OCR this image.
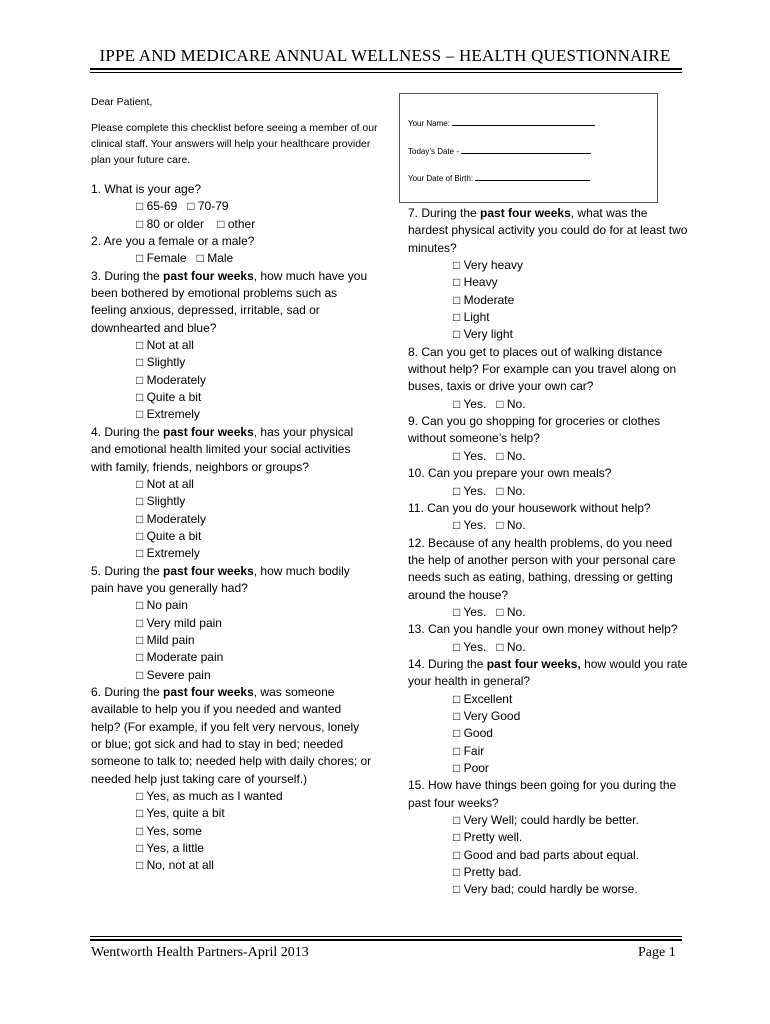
IPPE AND MEDICARE ANNUAL WELLNESS – HEALTH QUESTIONNAIRE
Dear Patient,
Please complete this checklist before seeing a member of our clinical staff. Your answers will help your healthcare provider plan your future care.
Your Name:
Today’s Date -
Your Date of Birth:
1. What is your age?
□ 65-69 □ 70-79
□ 80 or older □ other
2. Are you a female or a male?
□ Female □ Male
3. During the past four weeks, how much have you been bothered by emotional problems such as feeling anxious, depressed, irritable, sad or downhearted and blue?
□ Not at all
□ Slightly
□ Moderately
□ Quite a bit
□ Extremely
4. During the past four weeks, has your physical and emotional health limited your social activities with family, friends, neighbors or groups?
□ Not at all
□ Slightly
□ Moderately
□ Quite a bit
□ Extremely
5. During the past four weeks, how much bodily pain have you generally had?
□ No pain
□ Very mild pain
□ Mild pain
□ Moderate pain
□ Severe pain
6. During the past four weeks, was someone available to help you if you needed and wanted help? (For example, if you felt very nervous, lonely or blue; got sick and had to stay in bed; needed someone to talk to; needed help with daily chores; or needed help just taking care of yourself.)
□ Yes, as much as I wanted
□ Yes, quite a bit
□ Yes, some
□ Yes, a little
□ No, not at all
7. During the past four weeks, what was the hardest physical activity you could do for at least two minutes?
□ Very heavy
□ Heavy
□ Moderate
□ Light
□ Very light
8. Can you get to places out of walking distance without help? For example can you travel along on buses, taxis or drive your own car?
□ Yes. □ No.
9. Can you go shopping for groceries or clothes without someone’s help?
□ Yes. □ No.
10. Can you prepare your own meals?
□ Yes. □ No.
11. Can you do your housework without help?
□ Yes. □ No.
12. Because of any health problems, do you need the help of another person with your personal care needs such as eating, bathing, dressing or getting around the house?
□ Yes. □ No.
13. Can you handle your own money without help?
□ Yes. □ No.
14. During the past four weeks, how would you rate your health in general?
□ Excellent
□ Very Good
□ Good
□ Fair
□ Poor
15. How have things been going for you during the past four weeks?
□ Very Well; could hardly be better.
□ Pretty well.
□ Good and bad parts about equal.
□ Pretty bad.
□ Very bad; could hardly be worse.
Wentworth Health Partners-April 2013	Page 1
